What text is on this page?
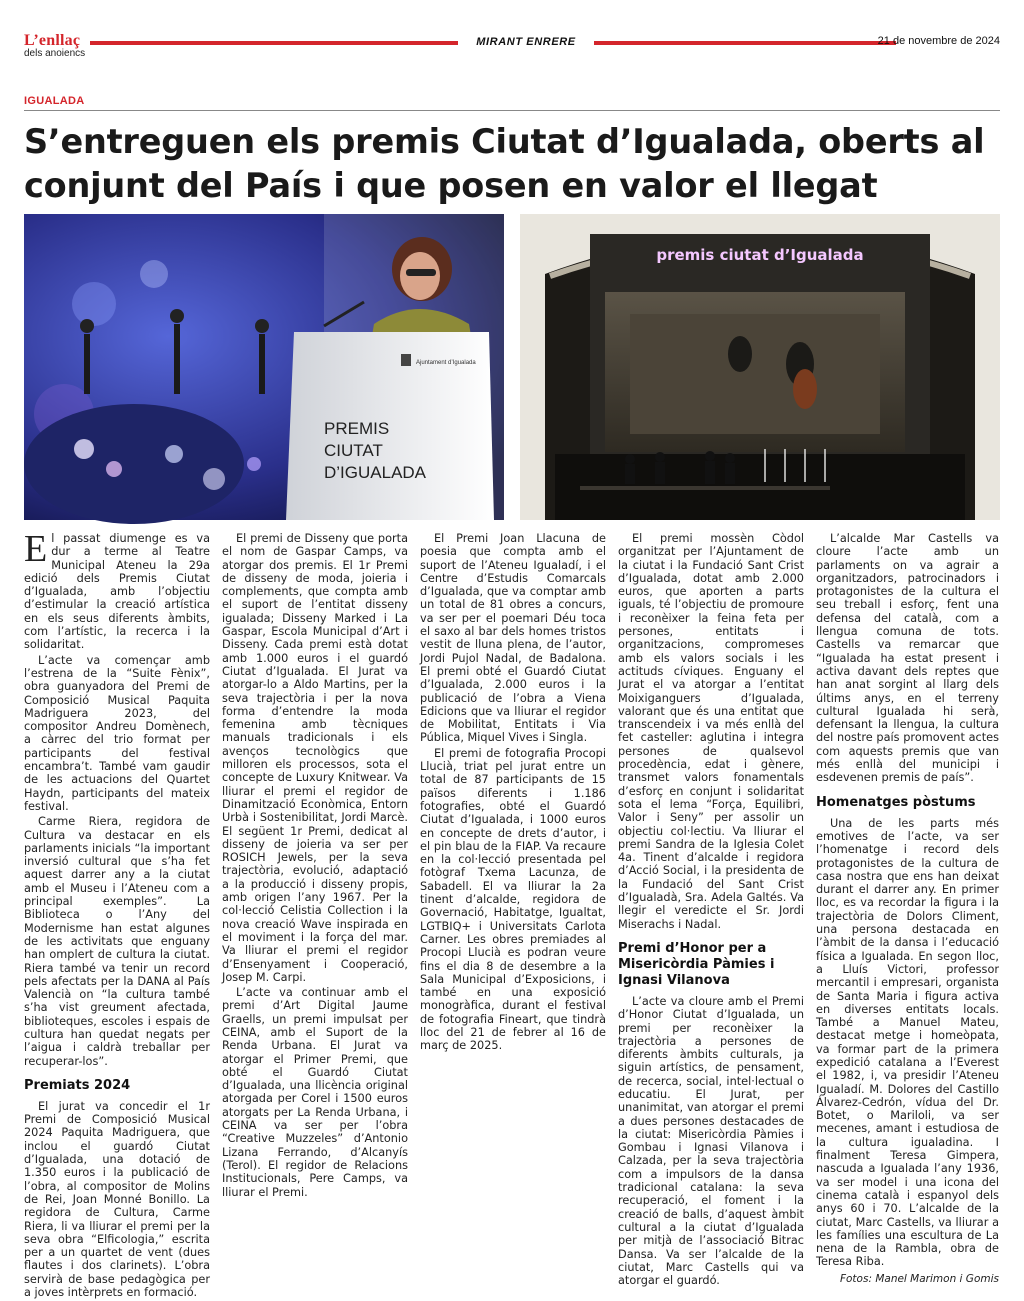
L’enllaç
dels anoiencs
MIRANT ENRERE	21 de novembre de 2024
IGUALADA
S’entreguen els premis Ciutat d’Igualada, oberts al conjunt del País i que posen en valor el llegat
PREMIS
CIUTAT
D’IGUALADA
Ajuntament d’Igualada
premis ciutat d’Igualada

El passat diumenge es va dur a terme al Teatre Municipal Ateneu la 29a edició dels Premis Ciutat d’Igualada, amb l’objectiu d’estimular la creació artística en els seus diferents àmbits, com l’artístic, la recerca i la solidaritat.

L’acte va començar amb l’estrena de la “Suite Fènix”, obra guanyadora del Premi de Composició Musical Paquita Madriguera 2023, del compositor Andreu Domènech, a càrrec del trio format per participants del festival encambra’t. També vam gaudir de les actuacions del Quartet Haydn, participants del mateix festival.

Carme Riera, regidora de Cultura va destacar en els parlaments inicials “la important inversió cultural que s’ha fet aquest darrer any a la ciutat amb el Museu i l’Ateneu com a principal exemples”. La Biblioteca o l’Any del Modernisme han estat algunes de les activitats que enguany han omplert de cultura la ciutat. Riera també va tenir un record pels afectats per la DANA al País Valencià on “la cultura també s’ha vist greument afectada, biblioteques, escoles i espais de cultura han quedat negats per l’aigua i caldrà treballar per recuperar-los”.

Premiats 2024

El jurat va concedir el 1r Premi de Composició Musical 2024 Paquita Madriguera, que inclou el guardó Ciutat d’Igualada, una dotació de 1.350 euros i la publicació de l’obra, al compositor de Molins de Rei, Joan Monné Bonillo. La regidora de Cultura, Carme Riera, li va lliurar el premi per la seva obra “Elficologia,” escrita per a un quartet de vent (dues flautes i dos clarinets). L’obra servirà de base pedagògica per a joves intèrprets en formació.

El premi de Disseny que porta el nom de Gaspar Camps, va atorgar dos premis. El 1r Premi de disseny de moda, joieria i complements, que compta amb el suport de l’entitat disseny igualada; Disseny Marked i La Gaspar, Escola Municipal d’Art i Disseny. Cada premi està dotat amb 1.000 euros i el guardó Ciutat d’Igualada. El Jurat va atorgar-lo a Aldo Martins, per la seva trajectòria i per la nova forma d’entendre la moda femenina amb tècniques manuals tradicionals i els avenços tecnològics que milloren els processos, sota el concepte de Luxury Knitwear. Va lliurar el premi el regidor de Dinamització Econòmica, Entorn Urbà i Sostenibilitat, Jordi Marcè. El següent 1r Premi, dedicat al disseny de joieria va ser per ROSICH Jewels, per la seva trajectòria, evolució, adaptació a la producció i disseny propis, amb origen l’any 1967. Per la col·lecció Celistia Collection i la nova creació Wave inspirada en el moviment i la força del mar. Va lliurar el premi el regidor d’Ensenyament i Cooperació, Josep M. Carpi.

L’acte va continuar amb el premi d’Art Digital Jaume Graells, un premi impulsat per CEINA, amb el Suport de la Renda Urbana. El Jurat va atorgar el Primer Premi, que obté el Guardó Ciutat d’Igualada, una llicència original atorgada per Corel i 1500 euros atorgats per La Renda Urbana, i CEINA va ser per l’obra “Creative Muzzeles” d’Antonio Lizana Ferrando, d’Alcanyís (Terol). El regidor de Relacions Institucionals, Pere Camps, va lliurar el Premi.

El Premi Joan Llacuna de poesia que compta amb el suport de l’Ateneu Igualadí, i el Centre d’Estudis Comarcals d’Igualada, que va comptar amb un total de 81 obres a concurs, va ser per el poemari Déu toca el saxo al bar dels homes tristos vestit de lluna plena, de l’autor, Jordi Pujol Nadal, de Badalona. El premi obté el Guardó Ciutat d’Igualada, 2.000 euros i la publicació de l’obra a Viena Edicions que va lliurar el regidor de Mobilitat, Entitats i Via Pública, Miquel Vives i Singla.

El premi de fotografia Procopi Llucià, triat pel jurat entre un total de 87 participants de 15 països diferents i 1.186 fotografies, obté el Guardó Ciutat d’Igualada, i 1000 euros en concepte de drets d’autor, i el pin blau de la FIAP. Va recaure en la col·lecció presentada pel fotògraf Txema Lacunza, de Sabadell. El va lliurar la 2a tinent d’alcalde, regidora de Governació, Habitatge, Igualtat, LGTBIQ+ i Universitats Carlota Carner. Les obres premiades al Procopi Llucià es podran veure fins el dia 8 de desembre a la Sala Municipal d’Exposicions, i també en una exposició monogràfica, durant el festival de fotografia Fineart, que tindrà lloc del 21 de febrer al 16 de març de 2025.

El premi mossèn Còdol organitzat per l’Ajuntament de la ciutat i la Fundació Sant Crist d’Igualada, dotat amb 2.000 euros, que aporten a parts iguals, té l’objectiu de promoure i reconèixer la feina feta per persones, entitats i organitzacions, compromeses amb els valors socials i les actituds cíviques. Enguany el Jurat el va atorgar a l’entitat Moixiganguers d’Igualada, valorant que és una entitat que transcendeix i va més enllà del fet casteller: aglutina i integra persones de qualsevol procedència, edat i gènere, transmet valors fonamentals d’esforç en conjunt i solidaritat sota el lema “Força, Equilibri, Valor i Seny” per assolir un objectiu col·lectiu. Va lliurar el premi Sandra de la Iglesia Colet 4a. Tinent d’alcalde i regidora d’Acció Social, i la presidenta de la Fundació del Sant Crist d’Igualadà, Sra. Adela Galtés. Va llegir el veredicte el Sr. Jordi Miserachs i Nadal.

Premi d’Honor per a Misericòrdia Pàmies i Ignasi Vilanova

L’acte va cloure amb el Premi d’Honor Ciutat d’Igualada, un premi per reconèixer la trajectòria a persones de diferents àmbits culturals, ja siguin artístics, de pensament, de recerca, social, intel·lectual o educatiu. El Jurat, per unanimitat, van atorgar el premi a dues persones destacades de la ciutat: Misericòrdia Pàmies i Gombau i Ignasi Vilanova i Calzada, per la seva trajectòria com a impulsors de la dansa tradicional catalana: la seva recuperació, el foment i la creació de balls, d’aquest àmbit cultural a la ciutat d’Igualada per mitjà de l’associació Bitrac Dansa. Va ser l’alcalde de la ciutat, Marc Castells qui va atorgar el guardó.

L’alcalde Mar Castells va cloure l’acte amb un parlaments on va agrair a organitzadors, patrocinadors i protagonistes de la cultura el seu treball i esforç, fent una defensa del català, com a llengua comuna de tots. Castells va remarcar que “Igualada ha estat present i activa davant dels reptes que han anat sorgint al llarg dels últims anys, en el terreny cultural Igualada hi serà, defensant la llengua, la cultura del nostre país promovent actes com aquests premis que van més enllà del municipi i esdevenen premis de país”.

Homenatges pòstums

Una de les parts més emotives de l’acte, va ser l’homenatge i record dels protagonistes de la cultura de casa nostra que ens han deixat durant el darrer any. En primer lloc, es va recordar la figura i la trajectòria de Dolors Climent, una persona destacada en l’àmbit de la dansa i l’educació física a Igualada. En segon lloc, a Lluís Victori, professor mercantil i empresari, organista de Santa Maria i figura activa en diverses entitats locals. També a Manuel Mateu, destacat metge i homeòpata, va formar part de la primera expedició catalana a l’Everest el 1982, i, va presidir l’Ateneu Igualadí. M. Dolores del Castillo Álvarez-Cedrón, vídua del Dr. Botet, o Mariloli, va ser mecenes, amant i estudiosa de la cultura igualadina. I finalment Teresa Gimpera, nascuda a Igualada l’any 1936, va ser model i una icona del cinema català i espanyol dels anys 60 i 70. L’alcalde de la ciutat, Marc Castells, va lliurar a les famílies una escultura de La nena de la Rambla, obra de Teresa Riba.

Fotos: Manel Marimon i Gomis
